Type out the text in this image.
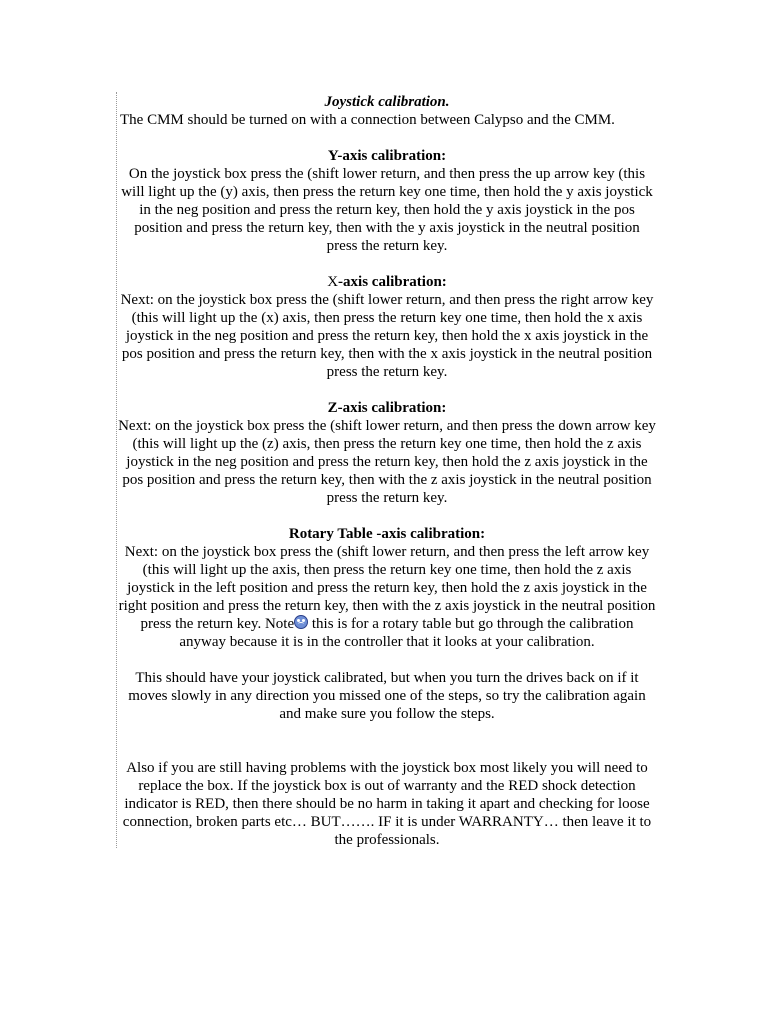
Joystick calibration.

The CMM should be turned on with a connection between Calypso and the CMM.

Y-axis calibration:

On the joystick box press the (shift lower return, and then press the up arrow key (this will light up the (y) axis, then press the return key one time, then hold the y axis joystick in the neg position and press the return key, then hold the y axis joystick in the pos position and press the return key, then with the y axis joystick in the neutral position press the return key.

X-axis calibration:

Next: on the joystick box press the (shift lower return, and then press the right arrow key (this will light up the (x) axis, then press the return key one time, then hold the x axis joystick in the neg position and press the return key, then hold the x axis joystick in the pos position and press the return key, then with the x axis joystick in the neutral position press the return key.

Z-axis calibration:

Next: on the joystick box press the (shift lower return, and then press the down arrow key (this will light up the (z) axis, then press the return key one time, then hold the z axis joystick in the neg position and press the return key, then hold the z axis joystick in the pos position and press the return key, then with the z axis joystick in the neutral position press the return key.

Rotary Table -axis calibration:

Next: on the joystick box press the (shift lower return, and then press the left arrow key (this will light up the axis, then press the return key one time, then hold the z axis joystick in the left position and press the return key, then hold the z axis joystick in the right position and press the return key, then with the z axis joystick in the neutral position press the return key. Note
this is for a rotary table but go through the calibration anyway because it is in the controller that it looks at your calibration.

This should have your joystick calibrated, but when you turn the drives back on if it moves slowly in any direction you missed one of the steps, so try the calibration again and make sure you follow the steps.

Also if you are still having problems with the joystick box most likely you will need to replace the box. If the joystick box is out of warranty and the RED shock detection indicator is RED, then there should be no harm in taking it apart and checking for loose connection, broken parts etc… BUT……. IF it is under WARRANTY… then leave it to the professionals.
